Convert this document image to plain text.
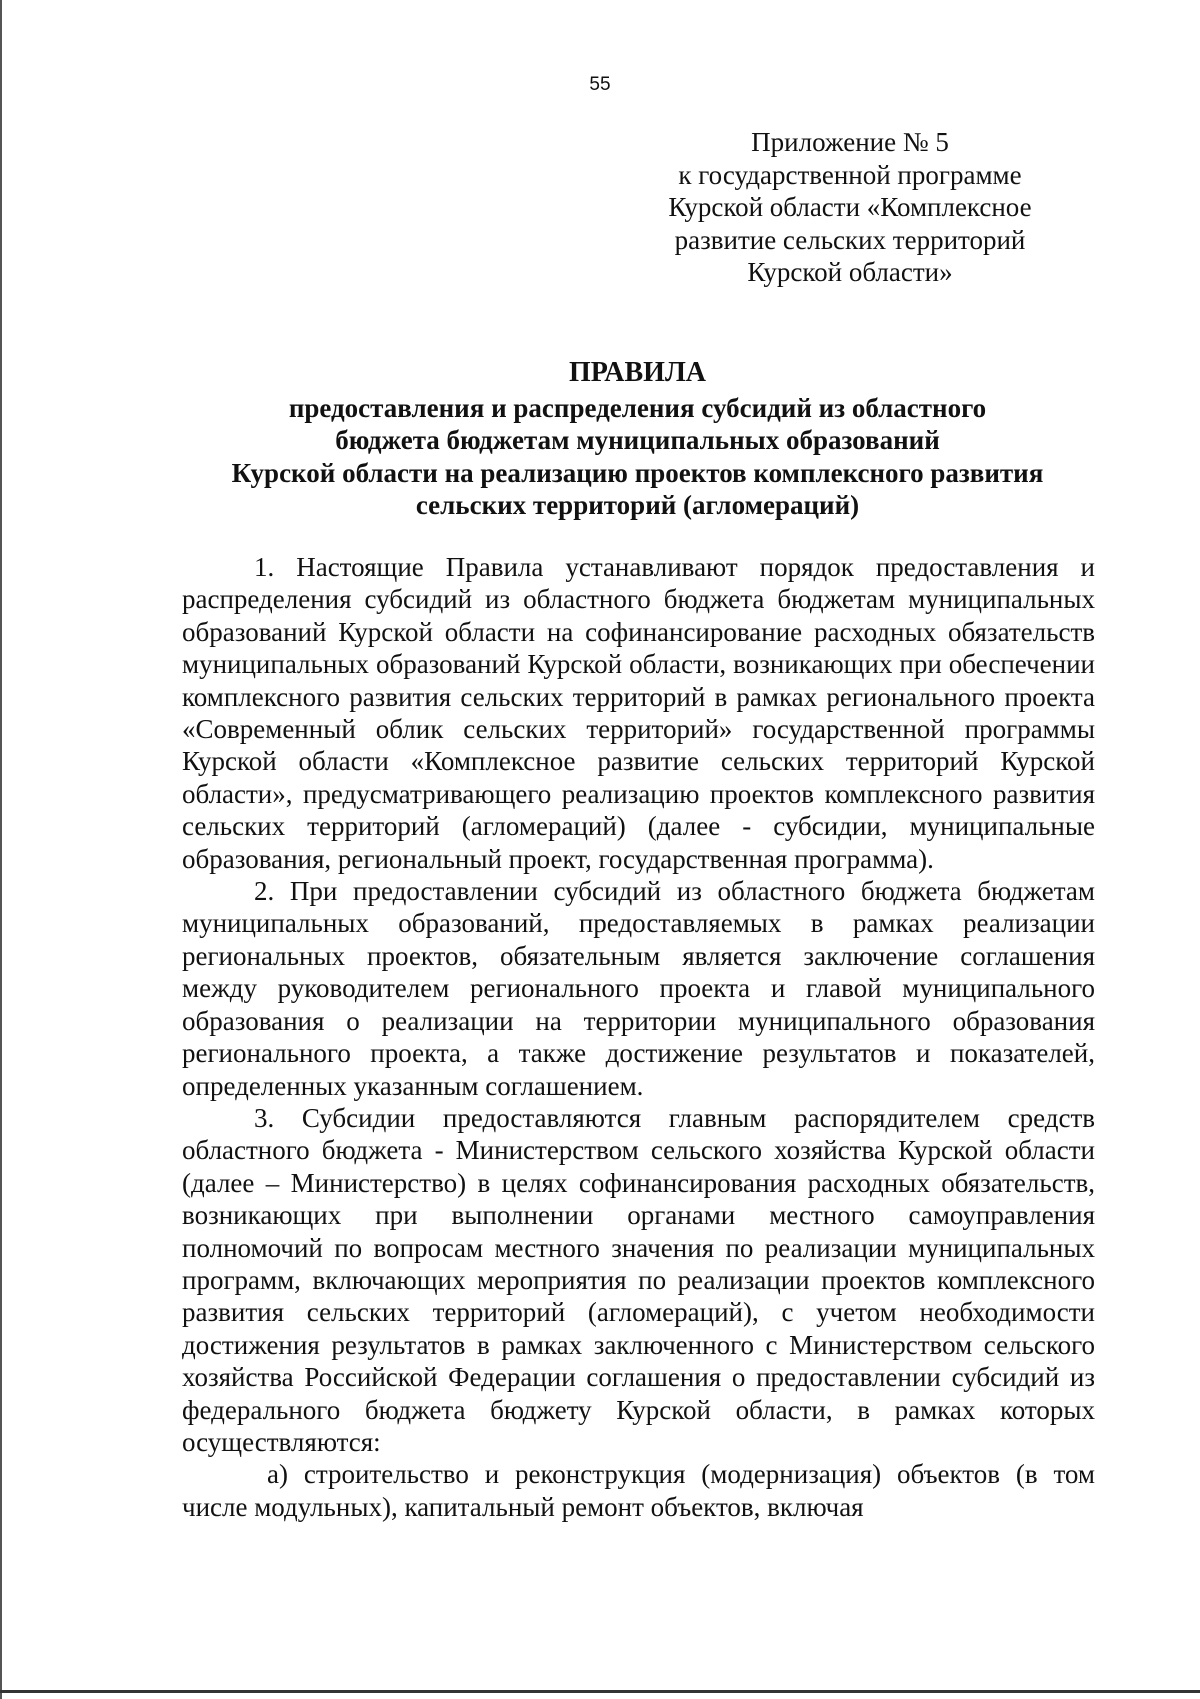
55
Приложение № 5
к государственной программе
Курской области «Комплексное
развитие сельских территорий
Курской области»
ПРАВИЛА
предоставления и распределения субсидий из областного
бюджета бюджетам муниципальных образований
Курской области на реализацию проектов комплексного развития
сельских территорий (агломераций)

1. Настоящие Правила устанавливают порядок предоставления и распределения субсидий из областного бюджета бюджетам муниципальных образований Курской области на софинансирование расходных обязательств муниципальных образований Курской области, возникающих при обеспечении комплексного развития сельских территорий в рамках регионального проекта «Современный облик сельских территорий» государственной программы Курской области «Комплексное развитие сельских территорий Курской области», предусматривающего реализацию проектов комплексного развития сельских территорий (агломераций) (далее - субсидии, муниципальные образования, региональный проект, государственная программа).

2. При предоставлении субсидий из областного бюджета бюджетам муниципальных образований, предоставляемых в рамках реализации региональных проектов, обязательным является заключение соглашения между руководителем регионального проекта и главой муниципального образования о реализации на территории муниципального образования регионального проекта, а также достижение результатов и показателей, определенных указанным соглашением.

3. Субсидии предоставляются главным распорядителем средств областного бюджета - Министерством сельского хозяйства Курской области (далее – Министерство) в целях софинансирования расходных обязательств, возникающих при выполнении органами местного самоуправления полномочий по вопросам местного значения по реализации муниципальных программ, включающих мероприятия по реализации проектов комплексного развития сельских территорий (агломераций), с учетом необходимости достижения результатов в рамках заключенного с Министерством сельского хозяйства Российской Федерации соглашения о предоставлении субсидий из федерального бюджета бюджету Курской области, в рамках которых осуществляются:

а) строительство и реконструкция (модернизация) объектов (в том числе модульных), капитальный ремонт объектов, включая
